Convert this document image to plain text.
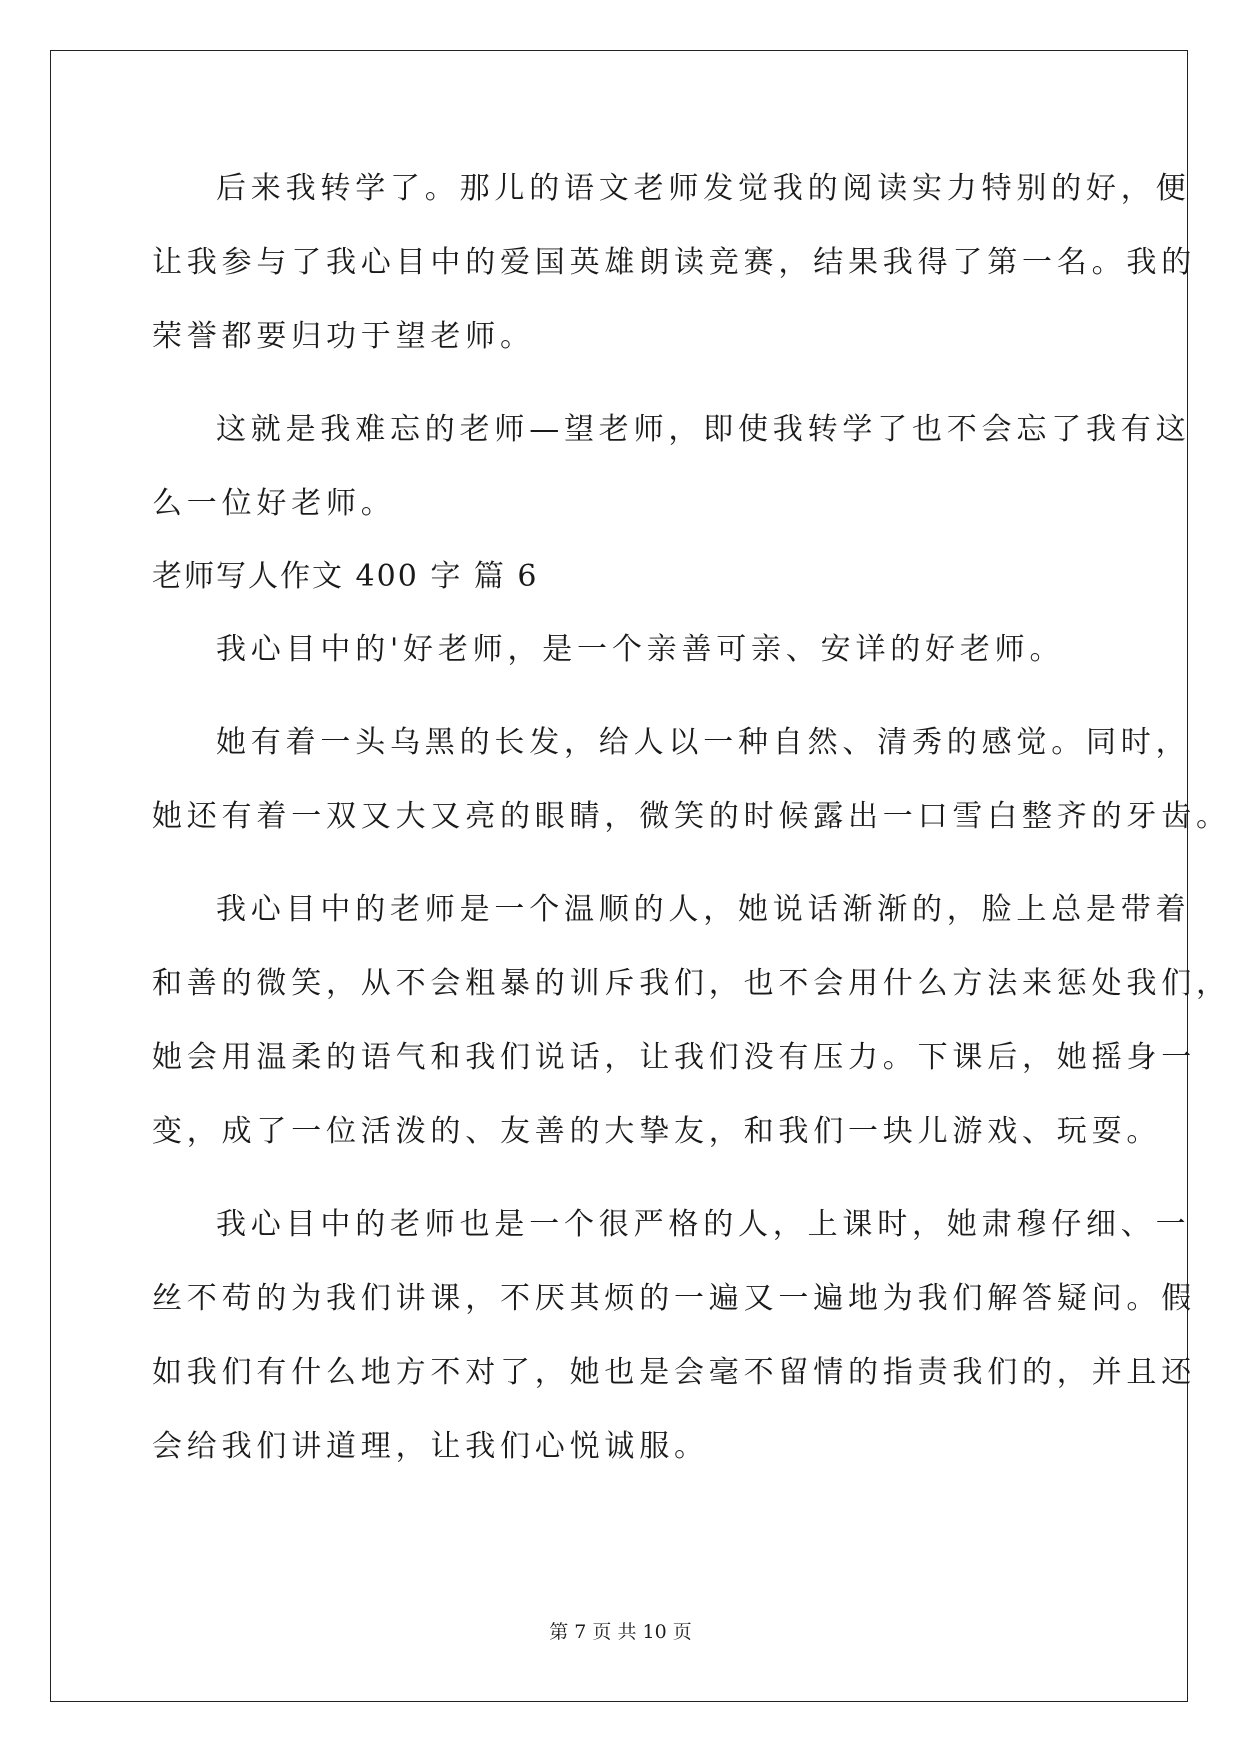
后来我转学了。那儿的语文老师发觉我的阅读实力特别的好，便
让我参与了我心目中的爱国英雄朗读竞赛，结果我得了第一名。我的
荣誉都要归功于望老师。
这就是我难忘的老师—望老师，即使我转学了也不会忘了我有这
么一位好老师。
老师写人作文 400 字 篇 6
我心目中的'好老师，是一个亲善可亲、安详的好老师。
她有着一头乌黑的长发，给人以一种自然、清秀的感觉。同时，
她还有着一双又大又亮的眼睛，微笑的时候露出一口雪白整齐的牙齿。
我心目中的老师是一个温顺的人，她说话渐渐的，脸上总是带着
和善的微笑，从不会粗暴的训斥我们，也不会用什么方法来惩处我们，
她会用温柔的语气和我们说话，让我们没有压力。下课后，她摇身一
变，成了一位活泼的、友善的大挚友，和我们一块儿游戏、玩耍。
我心目中的老师也是一个很严格的人，上课时，她肃穆仔细、一
丝不苟的为我们讲课，不厌其烦的一遍又一遍地为我们解答疑问。假
如我们有什么地方不对了，她也是会毫不留情的指责我们的，并且还
会给我们讲道理，让我们心悦诚服。
第 7 页 共 10 页
